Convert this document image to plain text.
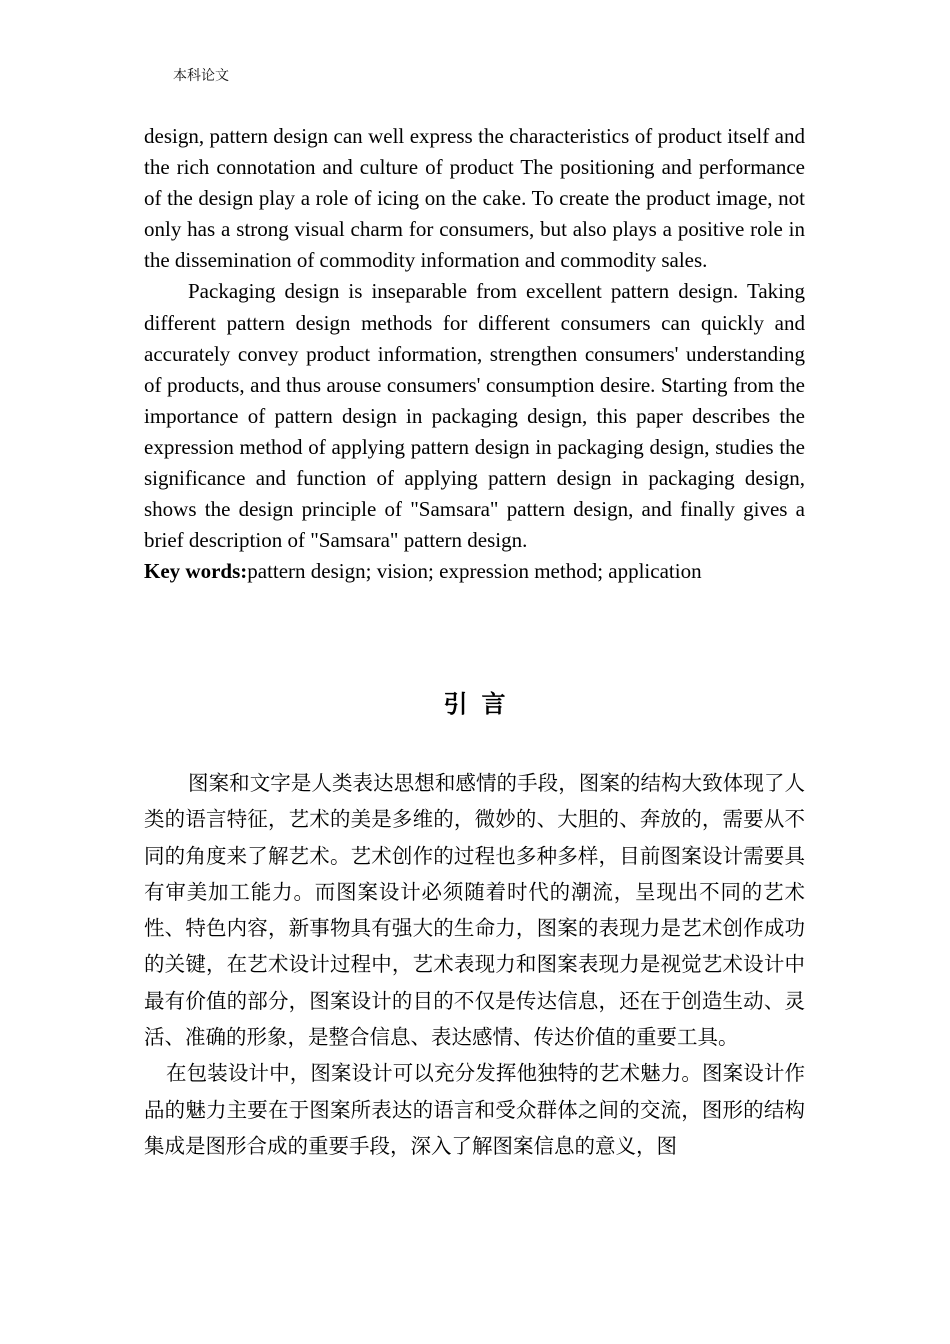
本科论文

design, pattern design can well express the characteristics of product itself and the rich connotation and culture of product The positioning and performance of the design play a role of icing on the cake. To create the product image, not only has a strong visual charm for consumers, but also plays a positive role in the dissemination of commodity information and commodity sales.

Packaging design is inseparable from excellent pattern design. Taking different pattern design methods for different consumers can quickly and accurately convey product information, strengthen consumers' understanding of products, and thus arouse consumers' consumption desire. Starting from the importance of pattern design in packaging design, this paper describes the expression method of applying pattern design in packaging design, studies the significance and function of applying pattern design in packaging design, shows the design principle of "Samsara" pattern design, and finally gives a brief description of "Samsara" pattern design.

Key words:pattern design; vision; expression method; application

引言

图案和文字是人类表达思想和感情的手段，图案的结构大致体现了人类的语言特征，艺术的美是多维的，微妙的、大胆的、奔放的，需要从不同的角度来了解艺术。艺术创作的过程也多种多样，目前图案设计需要具有审美加工能力。而图案设计必须随着时代的潮流，呈现出不同的艺术性、特色内容，新事物具有强大的生命力，图案的表现力是艺术创作成功的关键，在艺术设计过程中，艺术表现力和图案表现力是视觉艺术设计中最有价值的部分，图案设计的目的不仅是传达信息，还在于创造生动、灵活、准确的形象，是整合信息、表达感情、传达价值的重要工具。

在包装设计中，图案设计可以充分发挥他独特的艺术魅力。图案设计作品的魅力主要在于图案所表达的语言和受众群体之间的交流，图形的结构集成是图形合成的重要手段，深入了解图案信息的意义，图
